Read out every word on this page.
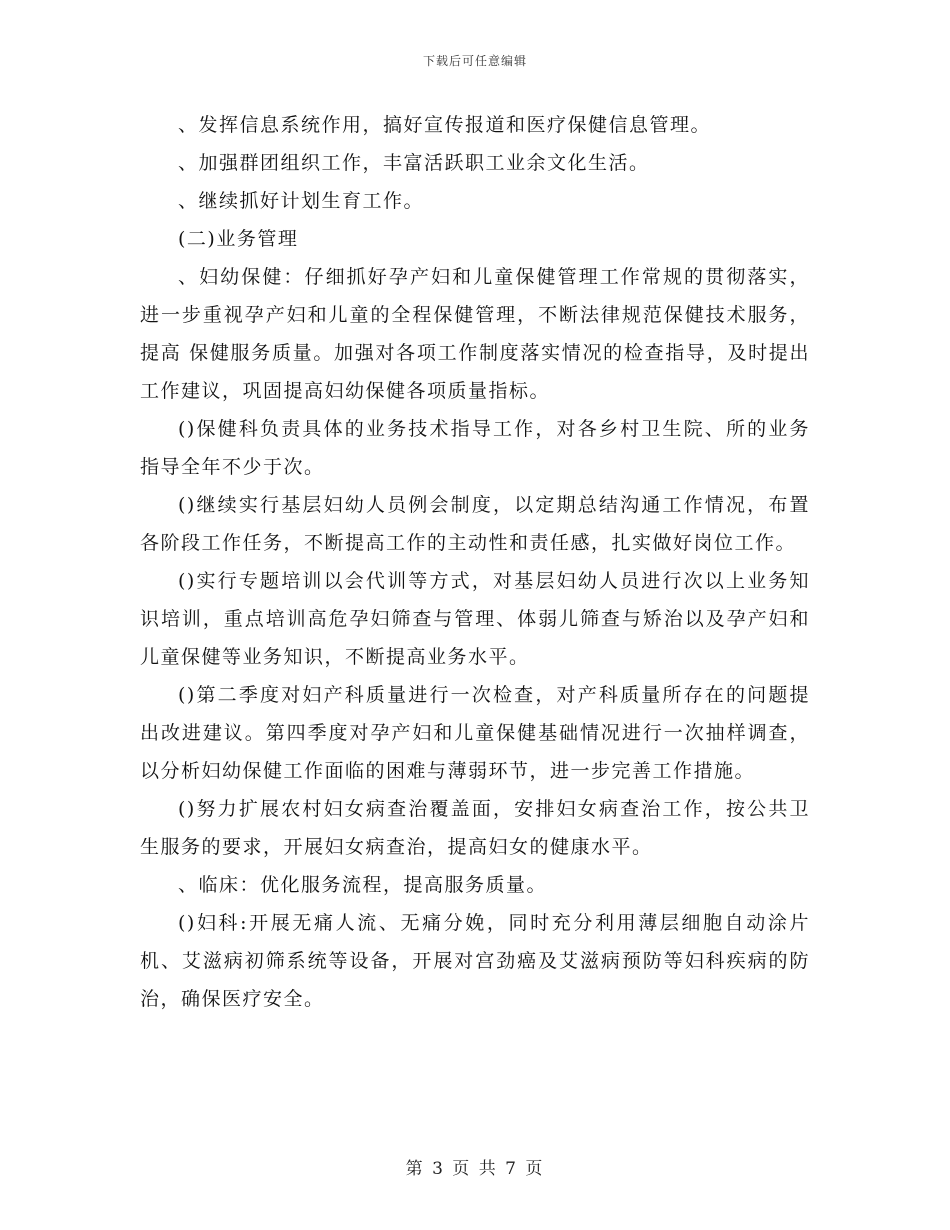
下载后可任意编辑

、发挥信息系统作用，搞好宣传报道和医疗保健信息管理。

、加强群团组织工作，丰富活跃职工业余文化生活。

、继续抓好计划生育工作。

(二)业务管理

、妇幼保健：仔细抓好孕产妇和儿童保健管理工作常规的贯彻落实，进一步重视孕产妇和儿童的全程保健管理，不断法律规范保健技术服务，提高 保健服务质量。加强对各项工作制度落实情况的检查指导，及时提出工作建议，巩固提高妇幼保健各项质量指标。

()保健科负责具体的业务技术指导工作，对各乡村卫生院、所的业务指导全年不少于次。

()继续实行基层妇幼人员例会制度，以定期总结沟通工作情况，布置各阶段工作任务，不断提高工作的主动性和责任感，扎实做好岗位工作。

()实行专题培训以会代训等方式，对基层妇幼人员进行次以上业务知识培训，重点培训高危孕妇筛查与管理、体弱儿筛查与矫治以及孕产妇和儿童保健等业务知识，不断提高业务水平。

()第二季度对妇产科质量进行一次检查，对产科质量所存在的问题提出改进建议。第四季度对孕产妇和儿童保健基础情况进行一次抽样调查，以分析妇幼保健工作面临的困难与薄弱环节，进一步完善工作措施。

()努力扩展农村妇女病查治覆盖面，安排妇女病查治工作，按公共卫生服务的要求，开展妇女病查治，提高妇女的健康水平。

、临床：优化服务流程，提高服务质量。

()妇科:开展无痛人流、无痛分娩，同时充分利用薄层细胞自动涂片机、艾滋病初筛系统等设备，开展对宫劲癌及艾滋病预防等妇科疾病的防治，确保医疗安全。

第 3 页 共 7 页
